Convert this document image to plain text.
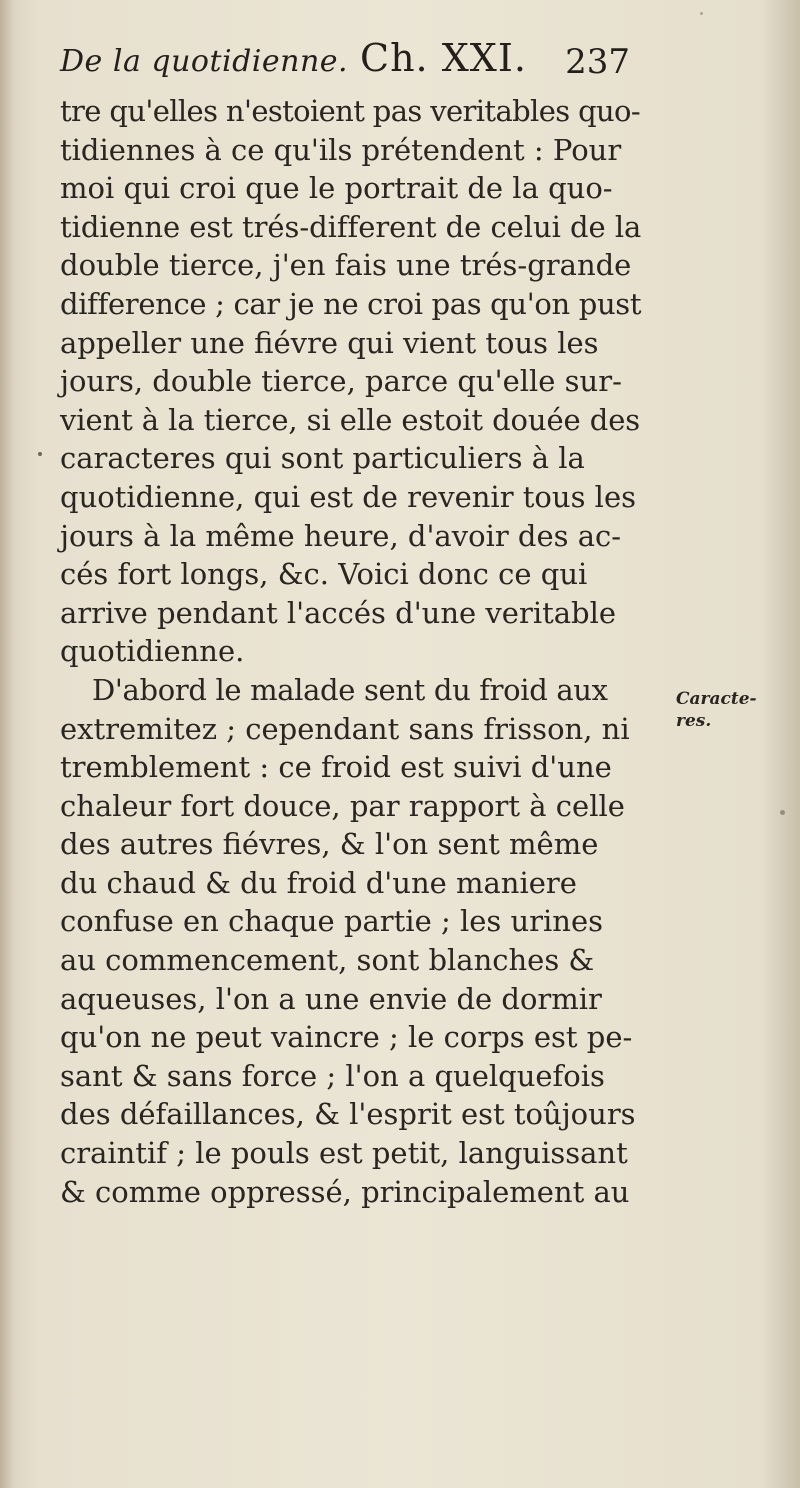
De la quotidienne. Ch. XXI. 237
tre qu'elles n'estoient pas veritables quo-
tidiennes à ce qu'ils prétendent : Pour
moi qui croi que le portrait de la quo-
tidienne est trés-different de celui de la
double tierce, j'en fais une trés-grande
difference ; car je ne croi pas qu'on pust
appeller une fiévre qui vient tous les
jours, double tierce, parce qu'elle sur-
vient à la tierce, si elle estoit douée des
caracteres qui sont particuliers à la
quotidienne, qui est de revenir tous les
jours à la même heure, d'avoir des ac-
cés fort longs, &c. Voici donc ce qui
arrive pendant l'accés d'une veritable
quotidienne.
D'abord le malade sent du froid aux
extremitez ; cependant sans frisson, ni
tremblement : ce froid est suivi d'une
chaleur fort douce, par rapport à celle
des autres fiévres, & l'on sent même
du chaud & du froid d'une maniere
confuse en chaque partie ; les urines
au commencement, sont blanches &
aqueuses, l'on a une envie de dormir
qu'on ne peut vaincre ; le corps est pe-
sant & sans force ; l'on a quelquefois
des défaillances, & l'esprit est toûjours
craintif ; le pouls est petit, languissant
& comme oppressé, principalement au
Caracte-
res.
